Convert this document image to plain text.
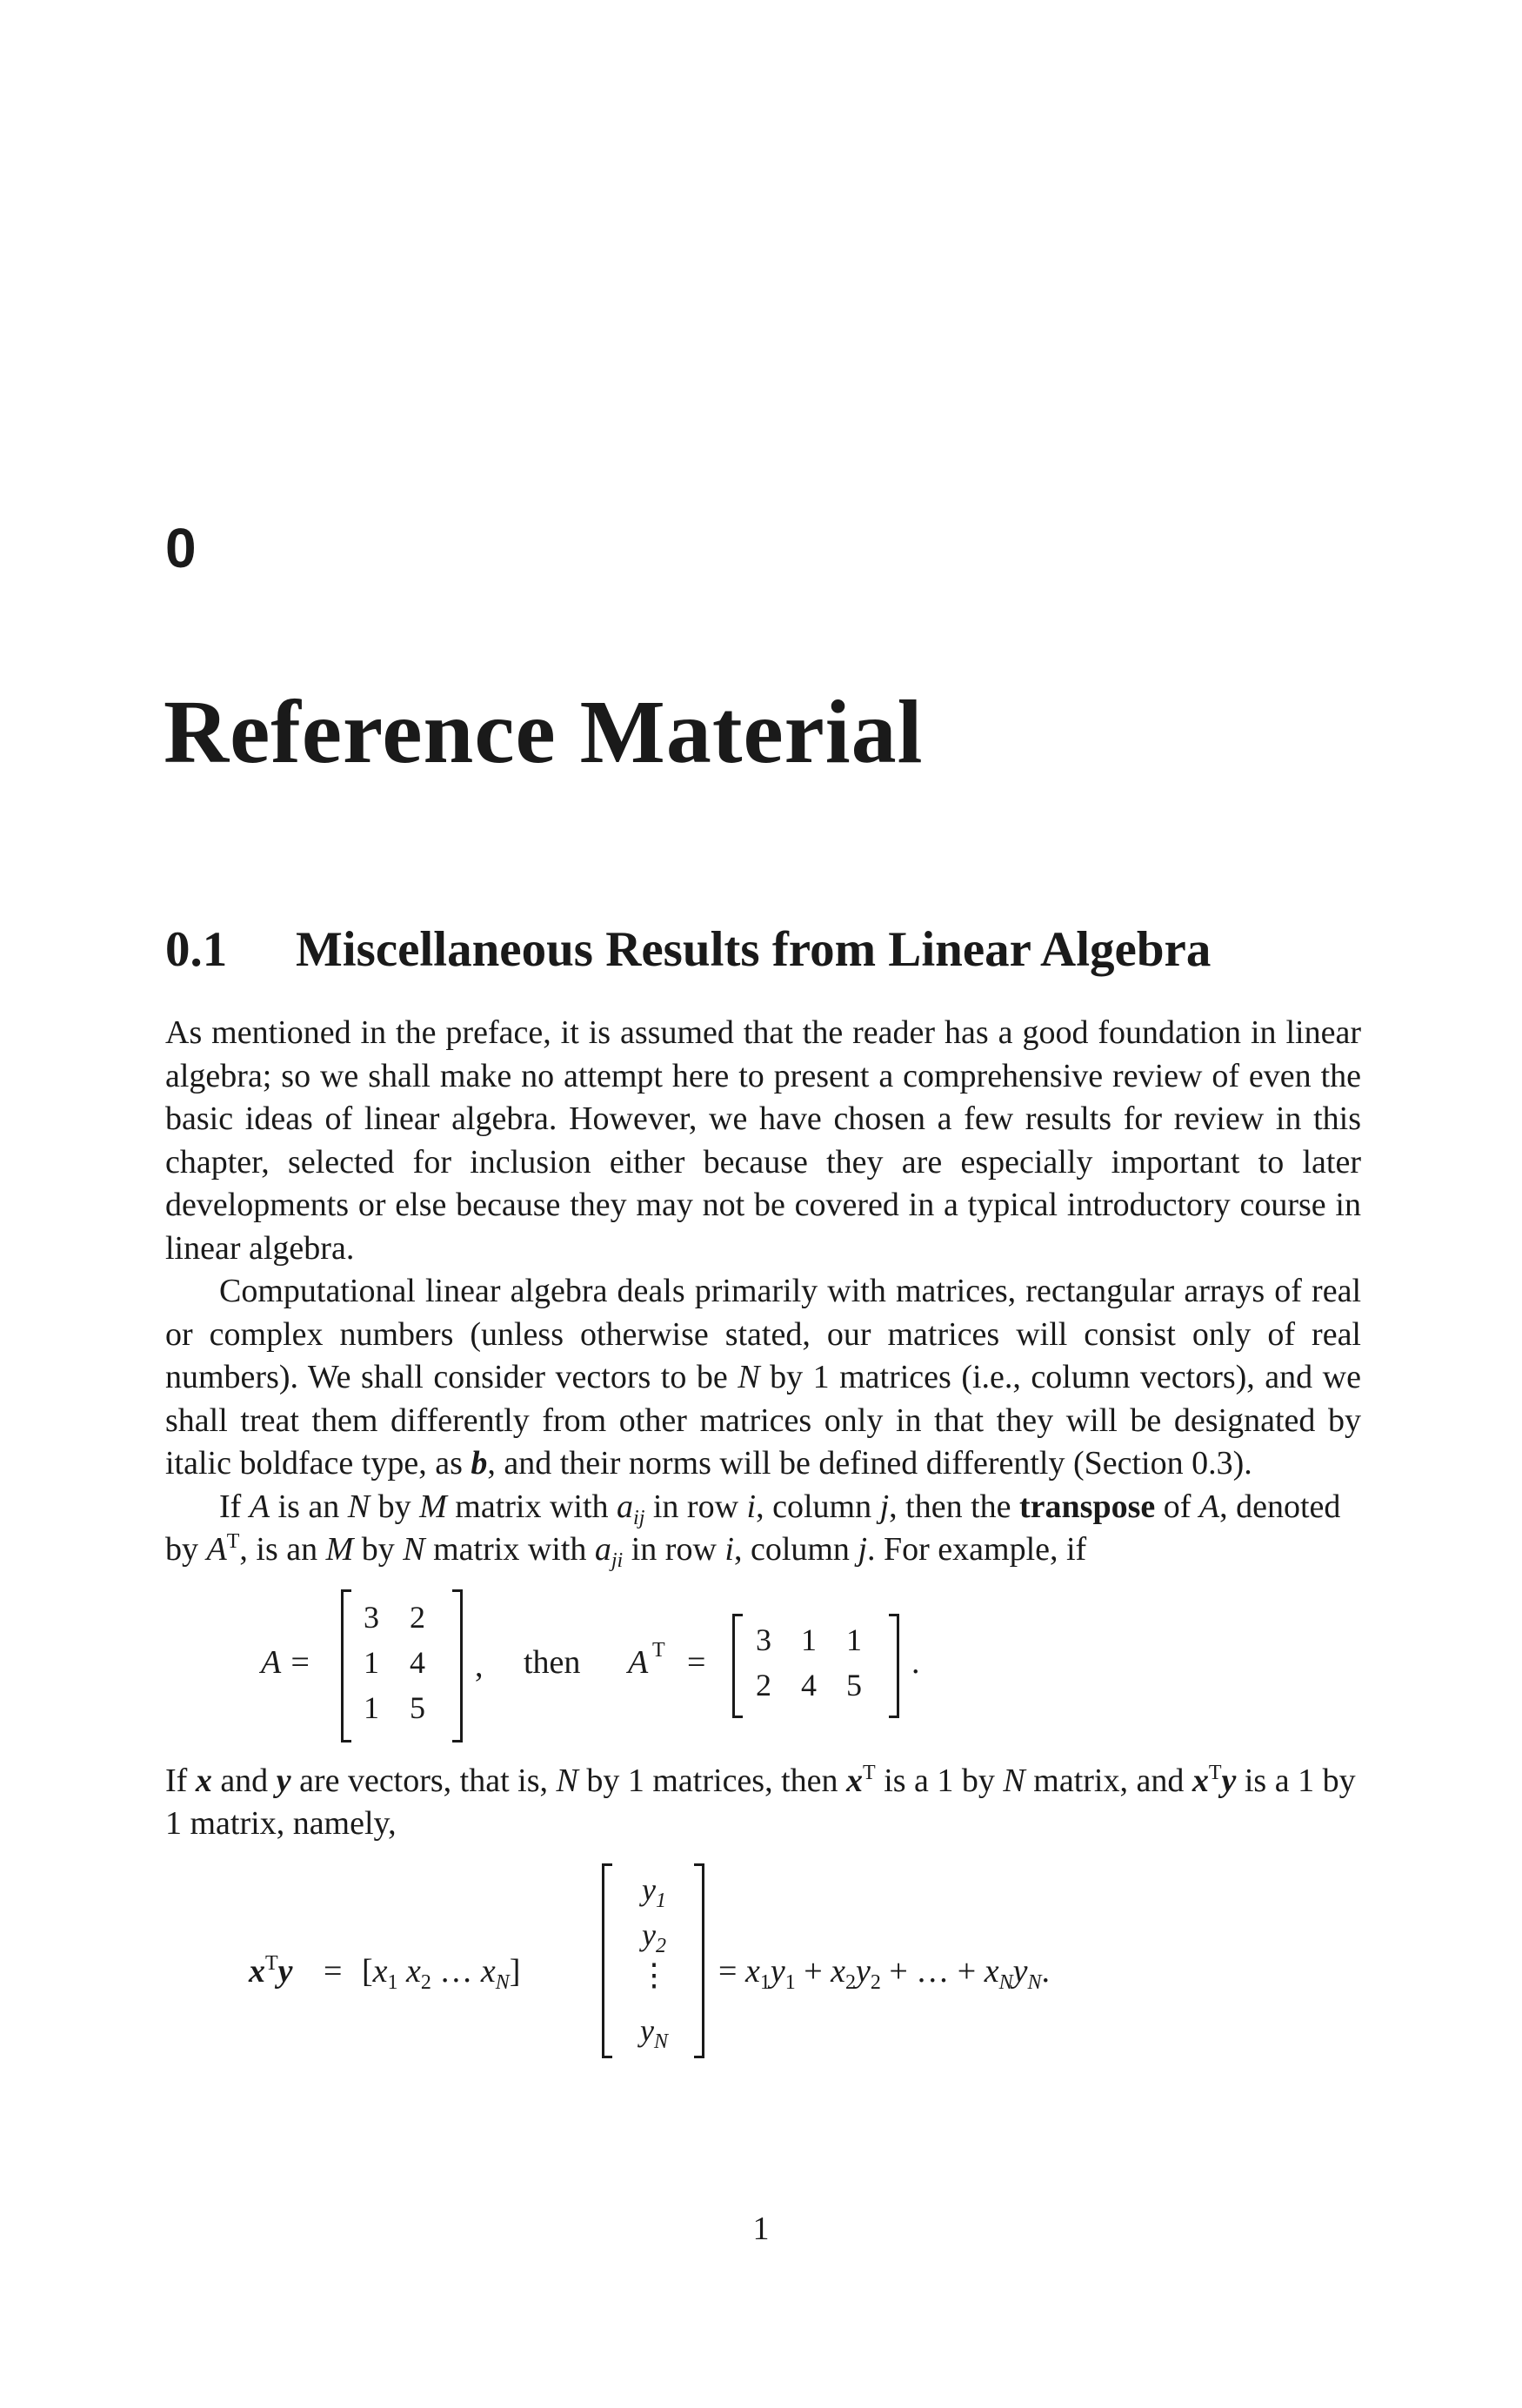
0
Reference Material
0.1 Miscellaneous Results from Linear Algebra

As mentioned in the preface, it is assumed that the reader has a good foundation in linear algebra; so we shall make no attempt here to present a comprehensive review of even the basic ideas of linear algebra. However, we have chosen a few results for review in this chapter, selected for inclusion either because they are especially important to later developments or else because they may not be covered in a typical introductory course in linear algebra.

Computational linear algebra deals primarily with matrices, rectangular arrays of real or complex numbers (unless otherwise stated, our matrices will consist only of real numbers). We shall consider vectors to be N by 1 matrices (i.e., column vectors), and we shall treat them differently from other matrices only in that they will be designated by italic boldface type, as b, and their norms will be defined differently (Section 0.3).

If A is an N by M matrix with $a_{ij}$ in row i, column j, then the transpose of A, denoted by $A^T$, is an M by N matrix with $a_{ji}$ in row i, column j. For example, if

A =
3 2
1 4
1 5
, then A T =
3 1 1
2 4 5
.

If x and y are vectors, that is, N by 1 matrices, then $x^T$ is a 1 by N matrix, and $x^Ty$ is a 1 by 1 matrix, namely,

$x^Ty = [x_1$ $x_2$ … $x_N$]
$y_1$
$y_2$
⋮
$y_N$
= $x_1y_1 + x_2y_2$ + … + $x_Ny_N$.

1
